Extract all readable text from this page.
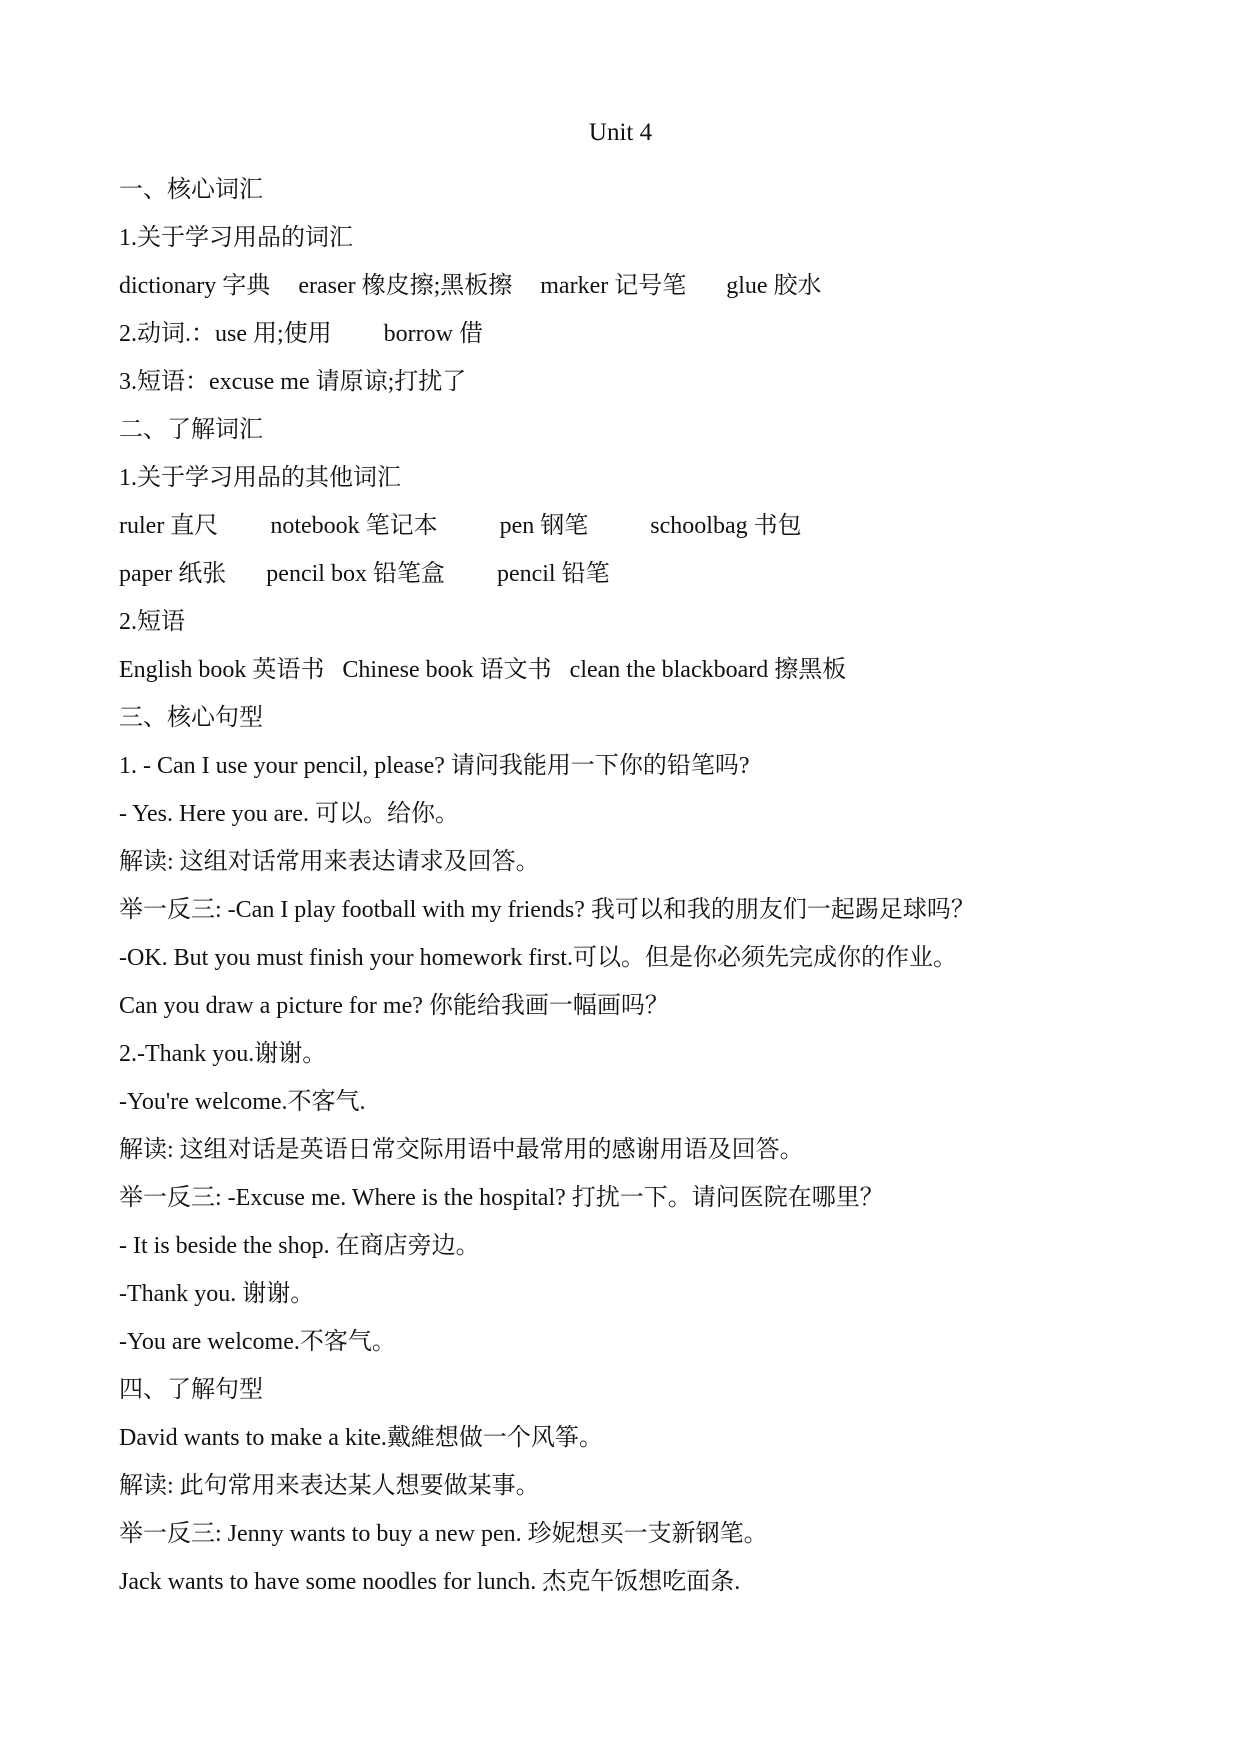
Unit 4
一、核心词汇
1.关于学习用品的词汇
dictionary 字典 eraser 橡皮擦;黑板擦 marker 记号笔 glue 胶水
2.动词.：use 用;使用 borrow 借
3.短语：excuse me 请原谅;打扰了
二、了解词汇
1.关于学习用品的其他词汇
ruler 直尺 notebook 笔记本	pen 钢笔	schoolbag 书包
paper 纸张 pencil box 铅笔盒 pencil 铅笔
2.短语
English book 英语书 Chinese book 语文书 clean the blackboard 擦黑板
三、核心句型
1. - Can I use your pencil, please? 请问我能用一下你的铅笔吗?
- Yes. Here you are. 可以。给你。
解读: 这组对话常用来表达请求及回答。
举一反三: -Can I play football with my friends? 我可以和我的朋友们一起踢足球吗？
-OK. But you must finish your homework first.可以。但是你必须先完成你的作业。
Can you draw a picture for me? 你能给我画一幅画吗？
2.-Thank you.谢谢。
-You're welcome.不客气.
解读: 这组对话是英语日常交际用语中最常用的感谢用语及回答。
举一反三: -Excuse me. Where is the hospital? 打扰一下。请问医院在哪里？
- It is beside the shop. 在商店旁边。
-Thank you. 谢谢。
-You are welcome.不客气。
四、了解句型
David wants to make a kite.戴維想做一个风筝。
解读: 此句常用来表达某人想要做某事。
举一反三: Jenny wants to buy a new pen. 珍妮想买一支新钢笔。
Jack wants to have some noodles for lunch. 杰克午饭想吃面条.
